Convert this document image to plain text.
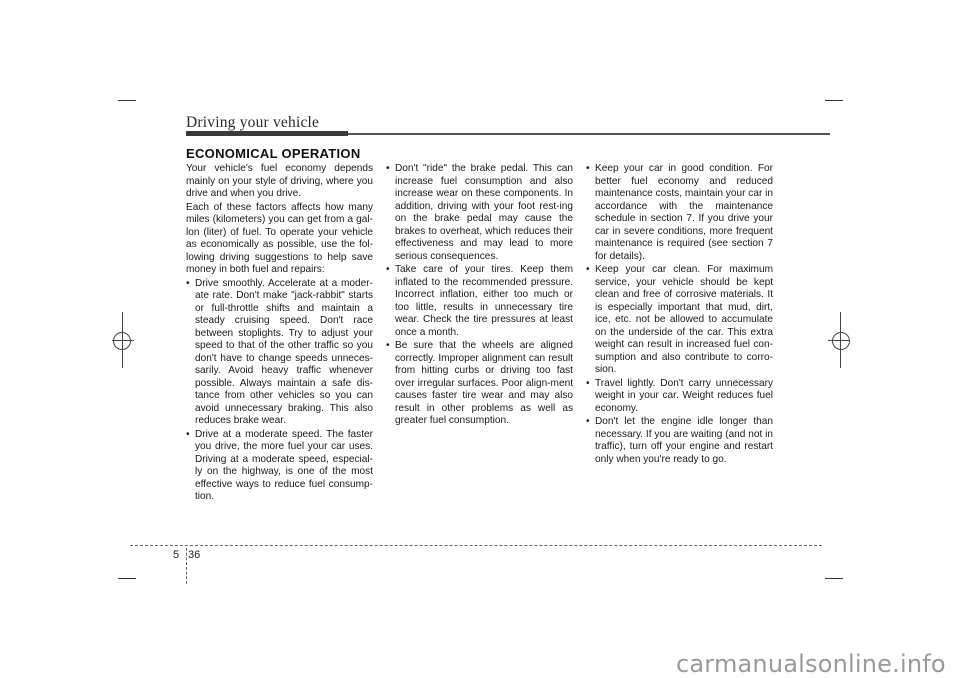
Driving your vehicle
ECONOMICAL OPERATION

Your vehicle's fuel economy depends mainly on your style of driving, where you drive and when you drive.

Each of these factors affects how many miles (kilometers) you can get from a gal-lon (liter) of fuel. To operate your vehicle as economically as possible, use the fol-lowing driving suggestions to help save money in both fuel and repairs:

• Drive smoothly. Accelerate at a moder-ate rate. Don't make "jack-rabbit" starts or full-throttle shifts and maintain a steady cruising speed. Don't race between stoplights. Try to adjust your speed to that of the other traffic so you don't have to change speeds unneces-sarily. Avoid heavy traffic whenever possible. Always maintain a safe dis-tance from other vehicles so you can avoid unnecessary braking. This also reduces brake wear.
• Drive at a moderate speed. The faster you drive, the more fuel your car uses. Driving at a moderate speed, especial-ly on the highway, is one of the most effective ways to reduce fuel consump-tion.
• Don't "ride" the brake pedal. This can increase fuel consumption and also increase wear on these components. In addition, driving with your foot rest-ing on the brake pedal may cause the brakes to overheat, which reduces their effectiveness and may lead to more serious consequences.
• Take care of your tires. Keep them inflated to the recommended pressure. Incorrect inflation, either too much or too little, results in unnecessary tire wear. Check the tire pressures at least once a month.
• Be sure that the wheels are aligned correctly. Improper alignment can result from hitting curbs or driving too fast over irregular surfaces. Poor align-ment causes faster tire wear and may also result in other problems as well as greater fuel consumption.
• Keep your car in good condition. For better fuel economy and reduced maintenance costs, maintain your car in accordance with the maintenance schedule in section 7. If you drive your car in severe conditions, more frequent maintenance is required (see section 7 for details).
• Keep your car clean. For maximum service, your vehicle should be kept clean and free of corrosive materials. It is especially important that mud, dirt, ice, etc. not be allowed to accumulate on the underside of the car. This extra weight can result in increased fuel con-sumption and also contribute to corro-sion.
• Travel lightly. Don't carry unnecessary weight in your car. Weight reduces fuel economy.
• Don't let the engine idle longer than necessary. If you are waiting (and not in traffic), turn off your engine and restart only when you're ready to go.
5 36
carmanualsonline.info
